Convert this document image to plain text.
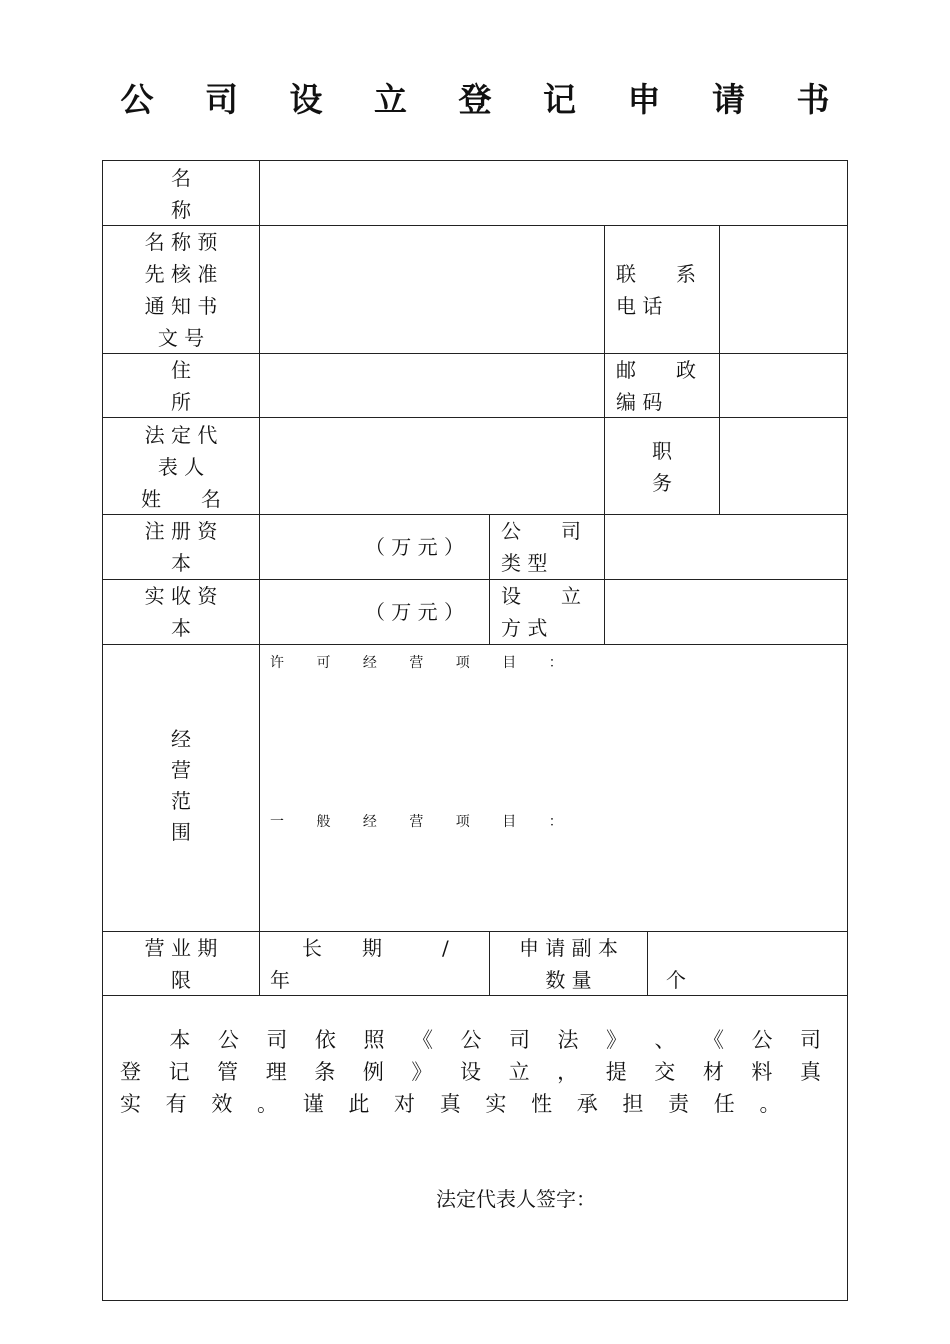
公 司 设 立 登 记 申 请 书
名
称
名 称 预
先 核 准
通 知 书
文 号
联　　系
电 话
住
所
邮　　政
编 码
法 定 代
表 人
姓　　名
职
务
注 册 资
本
（ 万 元 ）
公　　司
类 型
实 收 资
本
（ 万 元 ）
设　　立
方 式
经
营
范
围
许 可 经 营 项 目 ：
一 般 经 营 项 目 ：
营 业 期
限
长　　期　　　/
年
申 请 副 本
数 量	个
本 公 司 依 照 《 公 司 法 》 、 《 公 司 登 记 管 理 条 例 》 设 立 ， 提 交 材 料 真 实 有 效 。 谨 此 对 真 实 性 承 担 责 任 。
法定代表人签字：
